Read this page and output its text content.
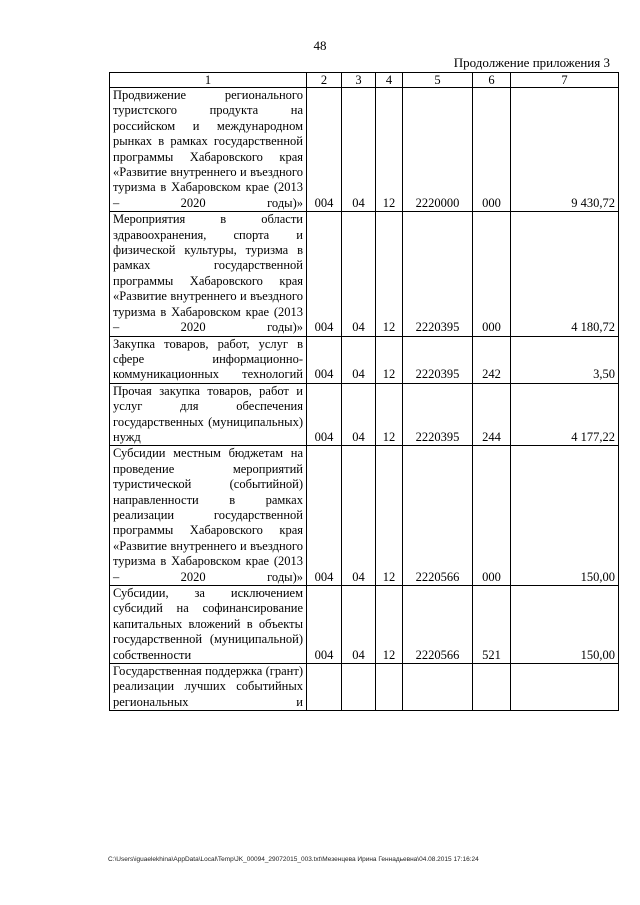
48
Продолжение приложения 3
1	2	3	4	5	6	7
Продвижение регионального туристского продукта на российском и международном рынках в рамках государственной программы Хабаровского края «Развитие внутреннего и въездного туризма в Хабаровском крае (2013 – 2020 годы)»	004	04	12	2220000	000	9 430,72
Мероприятия в области здравоохранения, спорта и физической культуры, туризма в рамках государственной программы Хабаровского края «Развитие внутреннего и въездного туризма в Хабаровском крае (2013 – 2020 годы)»	004	04	12	2220395	000	4 180,72
Закупка товаров, работ, услуг в сфере информационно-коммуникационных технологий	004	04	12	2220395	242	3,50
Прочая закупка товаров, работ и услуг для обеспечения государственных (муниципальных) нужд	004	04	12	2220395	244	4 177,22
Субсидии местным бюджетам на проведение мероприятий туристической (событийной) направленности в рамках реализации государственной программы Хабаровского края «Развитие внутреннего и въездного туризма в Хабаровском крае (2013 – 2020 годы)»	004	04	12	2220566	000	150,00
Субсидии, за исключением субсидий на софинансирование капитальных вложений в объекты государственной (муниципальной) собственности	004	04	12	2220566	521	150,00
Государственная поддержка (грант) реализации лучших событийных региональных и						
C:\Users\iguaelekhina\AppData\Local\Temp\JK_00094_29072015_003.txt\Мезенцева Ирина Геннадьевна\04.08.2015 17:16:24
